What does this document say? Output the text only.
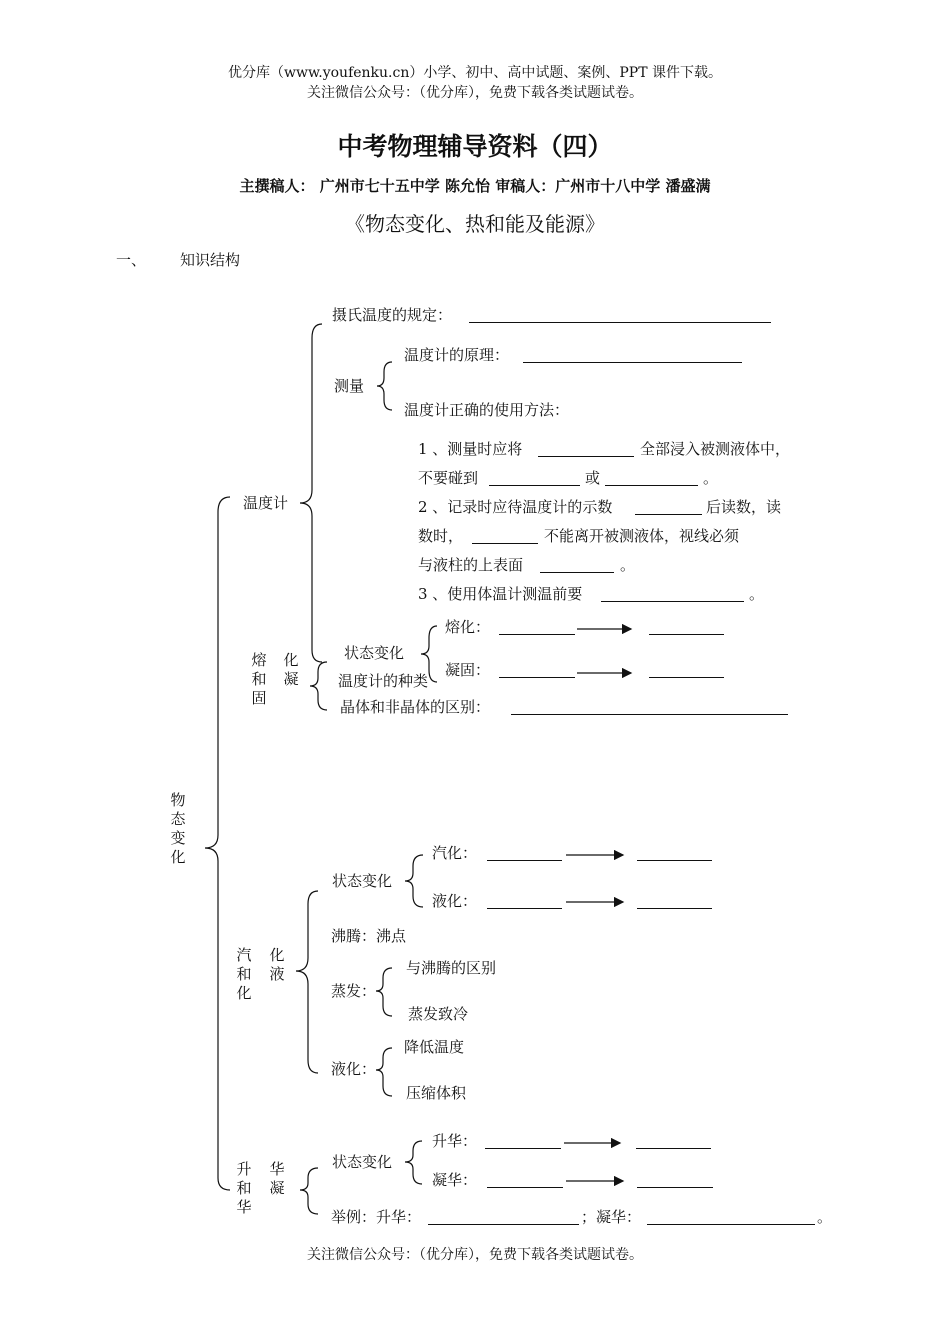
优分库（www.youfenku.cn）小学、初中、高中试题、案例、PPT 课件下载。
关注微信公众号：（优分库），免费下载各类试题试卷。
中考物理辅导资料（四）
主撰稿人： 广州市七十五中学 陈允怡 审稿人：广州市十八中学 潘盛满
《物态变化、热和能及能源》
一、 知识结构
物态变化
温度计
摄氏温度的规定：
测量
温度计的原理：
温度计正确的使用方法：
1 、测量时应将	全部浸入被测液体中，
不要碰到	或	。
2 、记录时应待温度计的示数	后读数，读
数时，	不能离开被测液体，视线必须
与液柱的上表面	。
3 、使用体温计测温前要	。
熔和固
化凝
状态变化
熔化：
凝固：
温度计的种类
晶体和非晶体的区别：
汽和化
化液
状态变化
汽化：
液化：
沸腾：沸点
蒸发：
与沸腾的区别
蒸发致冷
液化：
降低温度
压缩体积
升和华
华凝
状态变化
升华：
凝华：
举例：升华：	；凝华：	。
关注微信公众号：（优分库），免费下载各类试题试卷。
